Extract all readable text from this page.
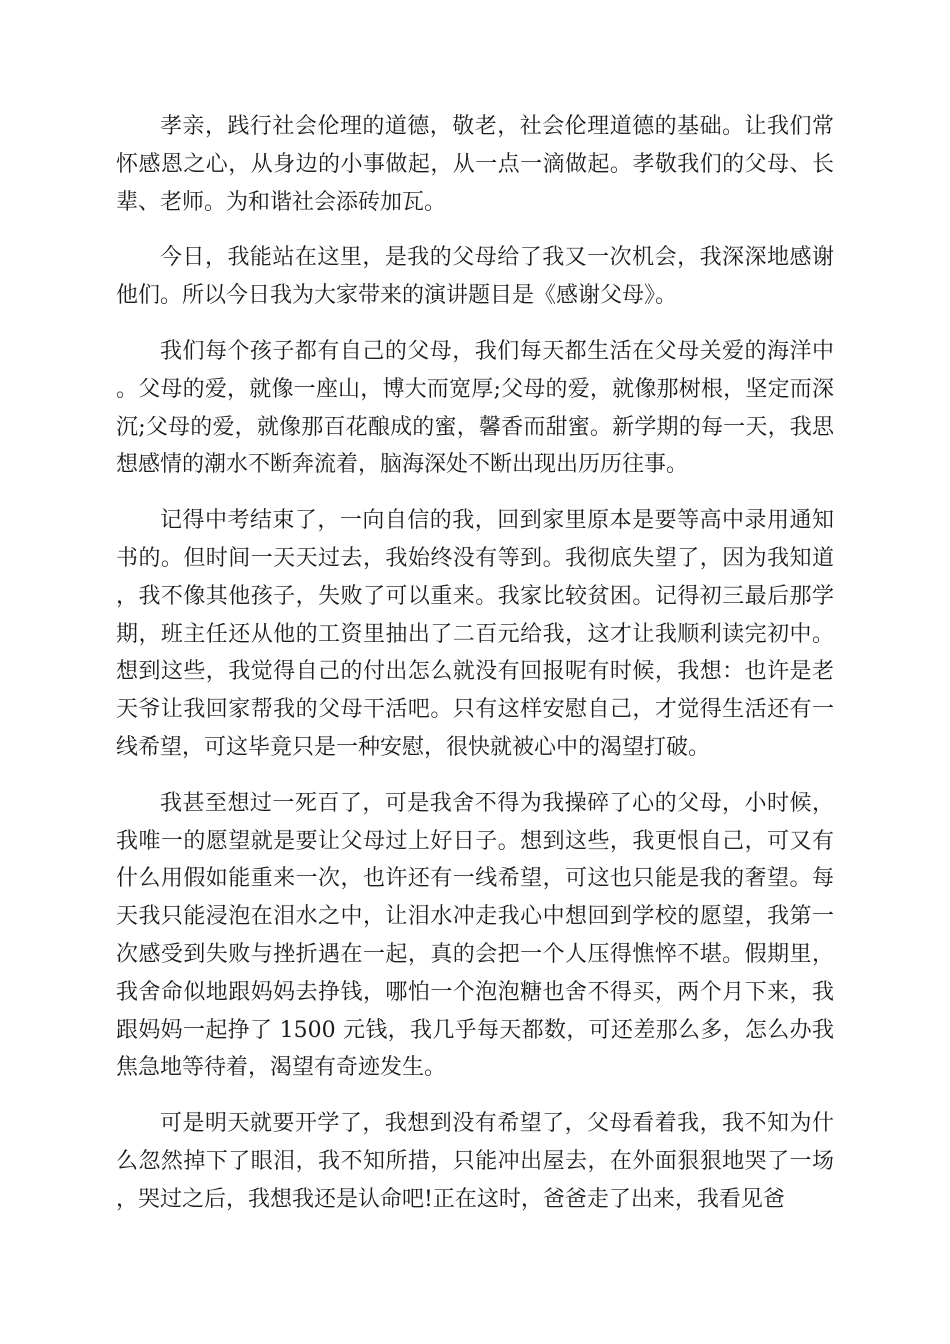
孝亲，践行社会伦理的道德，敬老，社会伦理道德的基础。让我们常怀感恩之心，从身边的小事做起，从一点一滴做起。孝敬我们的父母、长辈、老师。为和谐社会添砖加瓦。

今日，我能站在这里，是我的父母给了我又一次机会，我深深地感谢他们。所以今日我为大家带来的演讲题目是《感谢父母》。

我们每个孩子都有自己的父母，我们每天都生活在父母关爱的海洋中。父母的爱，就像一座山，博大而宽厚;父母的爱，就像那树根，坚定而深沉;父母的爱，就像那百花酿成的蜜，馨香而甜蜜。新学期的每一天，我思想感情的潮水不断奔流着，脑海深处不断出现出历历往事。

记得中考结束了，一向自信的我，回到家里原本是要等高中录用通知书的。但时间一天天过去，我始终没有等到。我彻底失望了，因为我知道，我不像其他孩子，失败了可以重来。我家比较贫困。记得初三最后那学期，班主任还从他的工资里抽出了二百元给我，这才让我顺利读完初中。想到这些，我觉得自己的付出怎么就没有回报呢有时候，我想：也许是老天爷让我回家帮我的父母干活吧。只有这样安慰自己，才觉得生活还有一线希望，可这毕竟只是一种安慰，很快就被心中的渴望打破。

我甚至想过一死百了，可是我舍不得为我操碎了心的父母，小时候，我唯一的愿望就是要让父母过上好日子。想到这些，我更恨自己，可又有什么用假如能重来一次，也许还有一线希望，可这也只能是我的奢望。每天我只能浸泡在泪水之中，让泪水冲走我心中想回到学校的愿望，我第一次感受到失败与挫折遇在一起，真的会把一个人压得憔悴不堪。假期里，我舍命似地跟妈妈去挣钱，哪怕一个泡泡糖也舍不得买，两个月下来，我跟妈妈一起挣了 1500 元钱，我几乎每天都数，可还差那么多，怎么办我焦急地等待着，渴望有奇迹发生。

可是明天就要开学了，我想到没有希望了，父母看着我，我不知为什么忽然掉下了眼泪，我不知所措，只能冲出屋去，在外面狠狠地哭了一场，哭过之后，我想我还是认命吧!正在这时，爸爸走了出来，我看见爸
